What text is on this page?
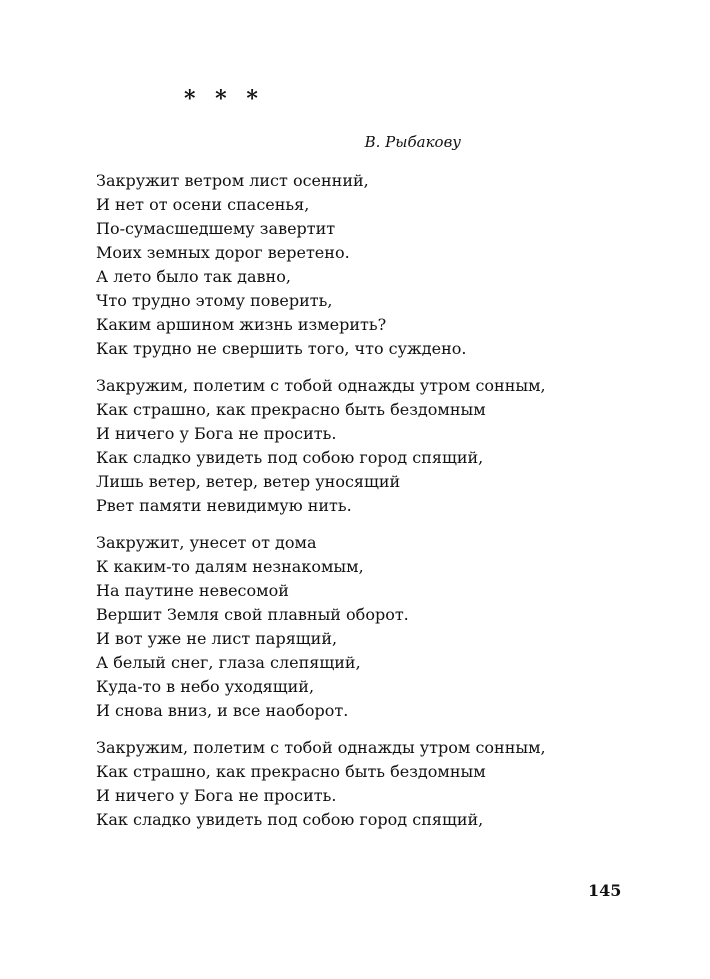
* * *
В. Рыбакову
Закружит ветром лист осенний,
И нет от осени спасенья,
По-сумасшедшему завертит
Моих земных дорог веретено.
А лето было так давно,
Что трудно этому поверить,
Каким аршином жизнь измерить?
Как трудно не свершить того, что суждено.
Закружим, полетим с тобой однажды утром сонным,
Как страшно, как прекрасно быть бездомным
И ничего у Бога не просить.
Как сладко увидеть под собою город спящий,
Лишь ветер, ветер, ветер уносящий
Рвет памяти невидимую нить.
Закружит, унесет от дома
К каким-то далям незнакомым,
На паутине невесомой
Вершит Земля свой плавный оборот.
И вот уже не лист парящий,
А белый снег, глаза слепящий,
Куда-то в небо уходящий,
И снова вниз, и все наоборот.
Закружим, полетим с тобой однажды утром сонным,
Как страшно, как прекрасно быть бездомным
И ничего у Бога не просить.
Как сладко увидеть под собою город спящий,
145
